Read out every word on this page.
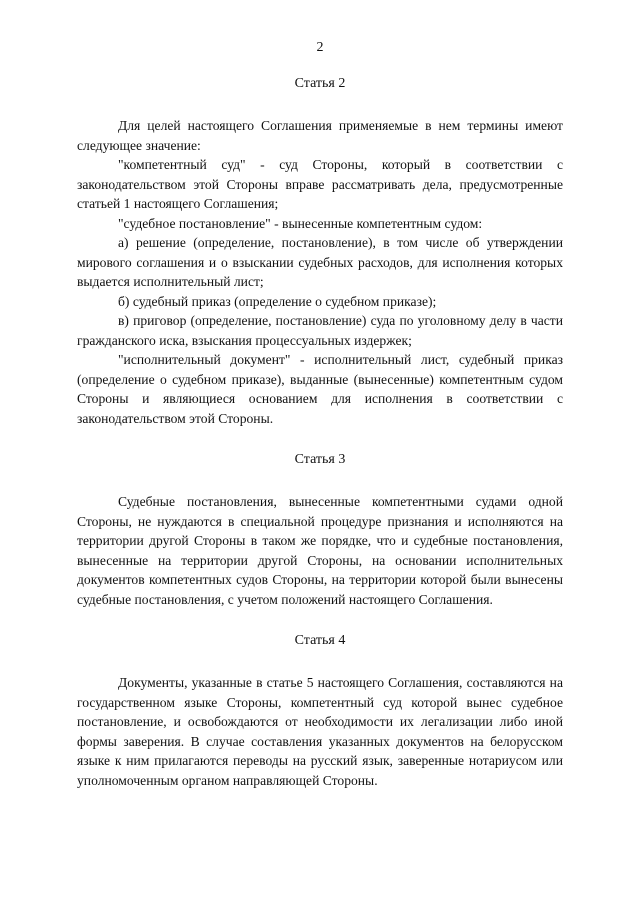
2
Статья 2

Для целей настоящего Соглашения применяемые в нем термины имеют следующее значение:

"компетентный суд" - суд Стороны, который в соответствии с законодательством этой Стороны вправе рассматривать дела, предусмотренные статьей 1 настоящего Соглашения;

"судебное постановление" - вынесенные компетентным судом:

а) решение (определение, постановление), в том числе об утверждении мирового соглашения и о взыскании судебных расходов, для исполнения которых выдается исполнительный лист;

б) судебный приказ (определение о судебном приказе);

в) приговор (определение, постановление) суда по уголовному делу в части гражданского иска, взыскания процессуальных издержек;

"исполнительный документ" - исполнительный лист, судебный приказ (определение о судебном приказе), выданные (вынесенные) компетентным судом Стороны и являющиеся основанием для исполнения в соответствии с законодательством этой Стороны.

Статья 3

Судебные постановления, вынесенные компетентными судами одной Стороны, не нуждаются в специальной процедуре признания и исполняются на территории другой Стороны в таком же порядке, что и судебные постановления, вынесенные на территории другой Стороны, на основании исполнительных документов компетентных судов Стороны, на территории которой были вынесены судебные постановления, с учетом положений настоящего Соглашения.

Статья 4

Документы, указанные в статье 5 настоящего Соглашения, составляются на государственном языке Стороны, компетентный суд которой вынес судебное постановление, и освобождаются от необходимости их легализации либо иной формы заверения. В случае составления указанных документов на белорусском языке к ним прилагаются переводы на русский язык, заверенные нотариусом или уполномоченным органом направляющей Стороны.
